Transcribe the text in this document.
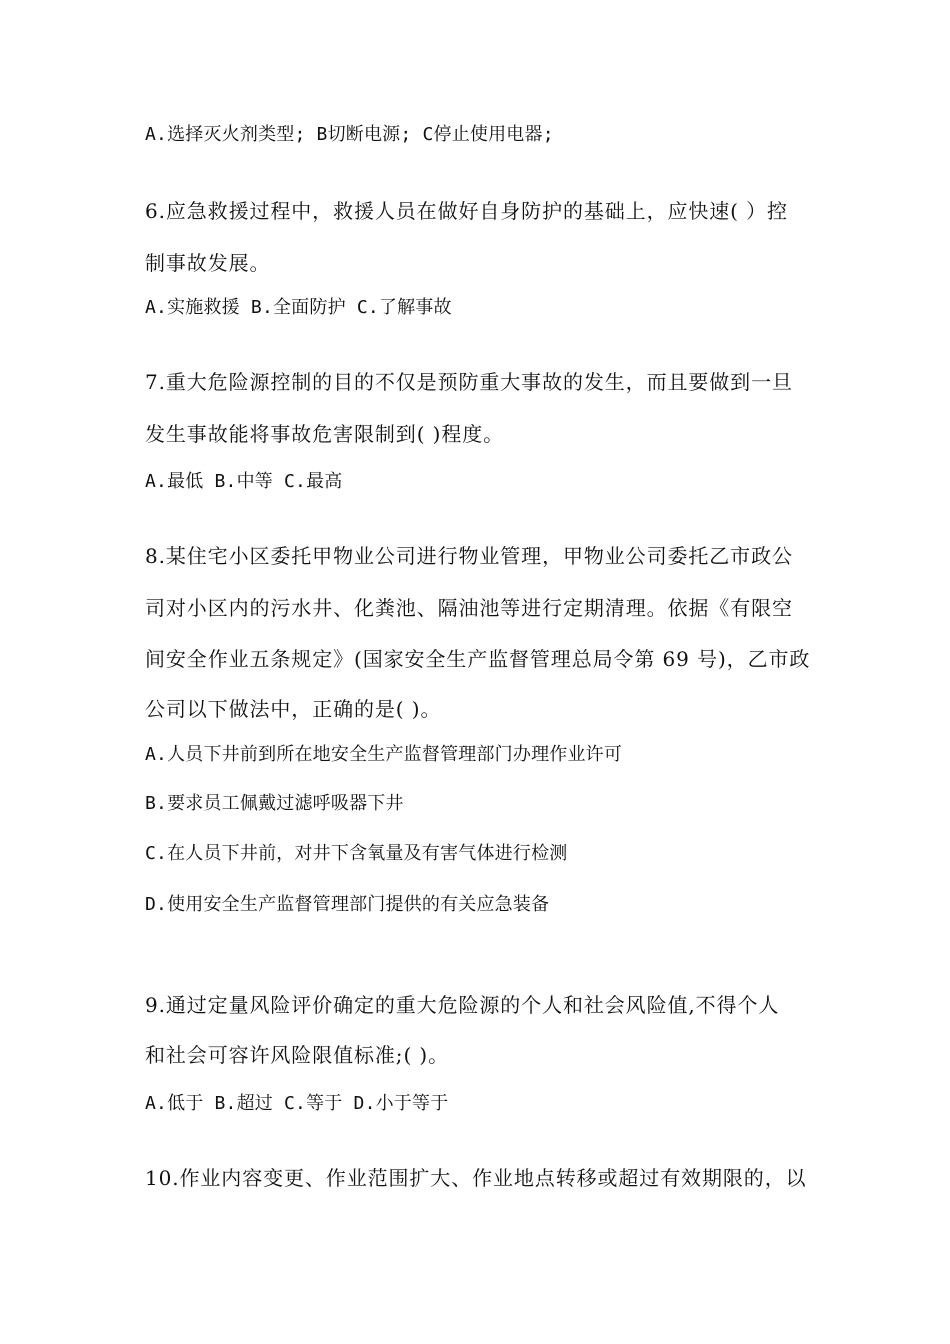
A.选择灭火剂类型; B切断电源; C停止使用电器;
6.应急救援过程中，救援人员在做好自身防护的基础上，应快速( ）控
制事故发展。
A.实施救援 B.全面防护 C.了解事故
7.重大危险源控制的目的不仅是预防重大事故的发生，而且要做到一旦
发生事故能将事故危害限制到( )程度。
A.最低 B.中等 C.最高
8.某住宅小区委托甲物业公司进行物业管理，甲物业公司委托乙市政公
司对小区内的污水井、化粪池、隔油池等进行定期清理。依据《有限空
间安全作业五条规定》(国家安全生产监督管理总局令第 69 号)，乙市政
公司以下做法中，正确的是( )。
A.人员下井前到所在地安全生产监督管理部门办理作业许可
B.要求员工佩戴过滤呼吸器下井
C.在人员下井前，对井下含氧量及有害气体进行检测
D.使用安全生产监督管理部门提供的有关应急装备
9.通过定量风险评价确定的重大危险源的个人和社会风险值,不得个人
和社会可容许风险限值标准;( )。
A.低于 B.超过 C.等于 D.小于等于
10.作业内容变更、作业范围扩大、作业地点转移或超过有效期限的，以
